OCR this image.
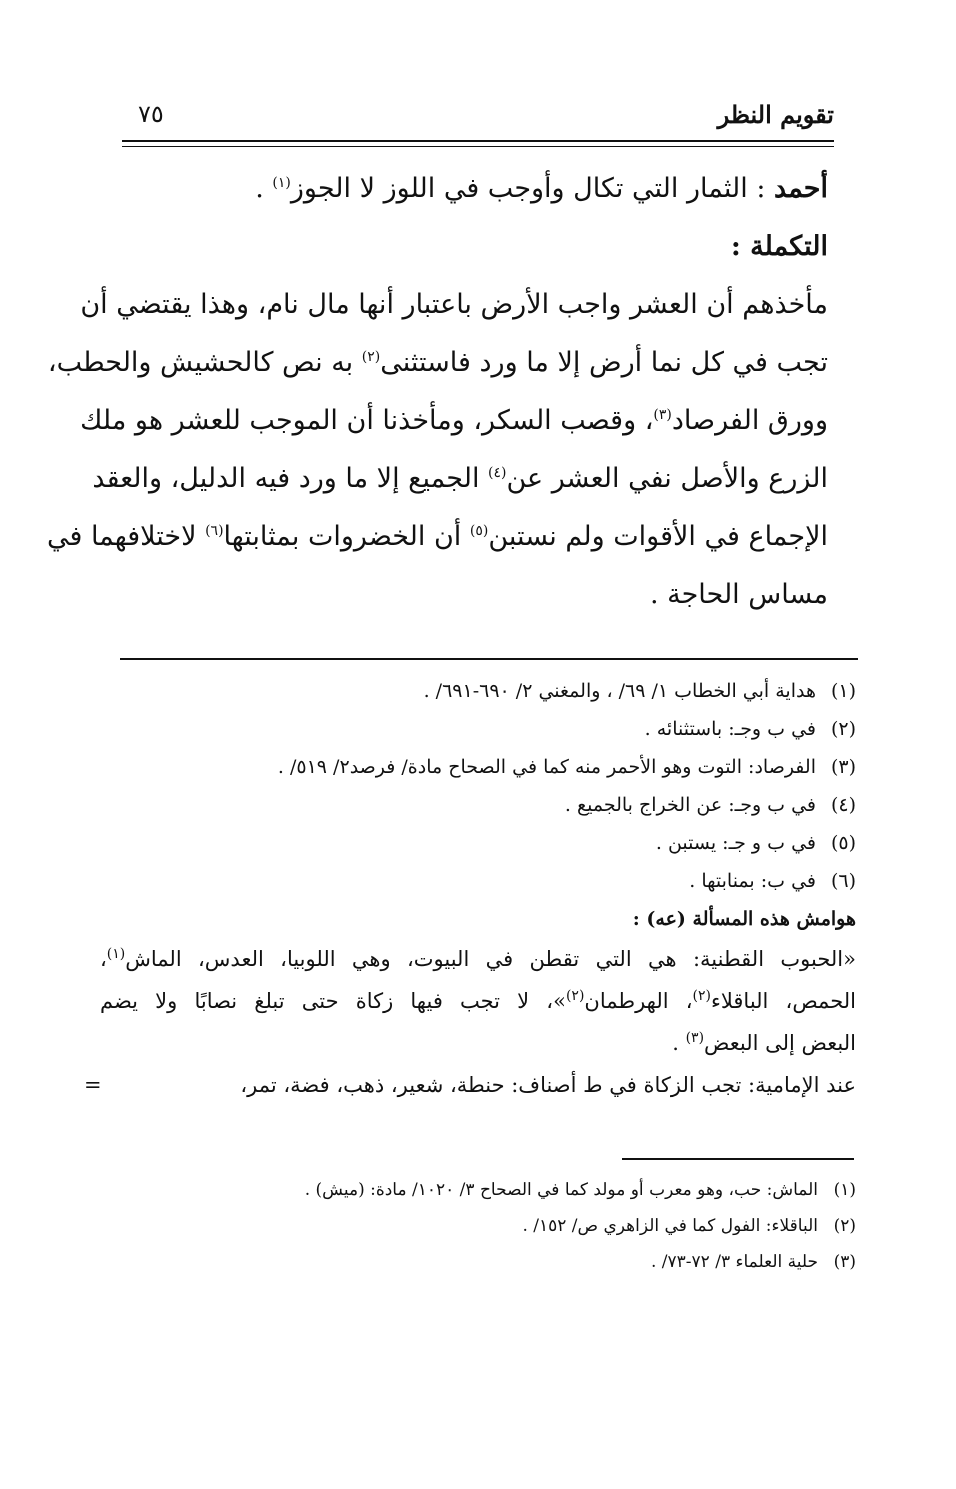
تقويم النظر
٧٥
أحمد : الثمار التي تكال وأوجب في اللوز لا الجوز$^{(١)}$ .
التكملة :
مأخذهم أن العشر واجب الأرض باعتبار أنها مال نام، وهذا يقتضي أن
تجب في كل نما أرض إلا ما ورد فاستثنى$^{(٢)}$ به نص كالحشيش والحطب،
وورق الفرصاد$^{(٣)}$، وقصب السكر، ومأخذنا أن الموجب للعشر هو ملك
الزرع والأصل نفي العشر عن$^{(٤)}$ الجميع إلا ما ورد فيه الدليل، والعقد
الإجماع في الأقوات ولم نستبن$^{(٥)}$ أن الخضروات بمثابتها$^{(٦)}$ لاختلافهما في
مساس الحاجة .
(١)هداية أبي الخطاب ١/ ٦٩/ ، والمغني ٢/ ٦٩٠-٦٩١/ .
(٢)في ب وجـ: باستثنائه .
(٣)الفرصاد: التوت وهو الأحمر منه كما في الصحاح مادة/ فرصد٢/ ٥١٩/ .
(٤)في ب وجـ: عن الخراج بالجميع .
(٥)في ب و جـ: يستبن .
(٦)في ب: بمنابتها .
هوامش هذه المسألة (عه) :
«الحبوب القطنية: هي التي تقطن في البيوت، وهي اللوبيا، العدس، الماش$^{(١)}$،
الحمص، الباقلاء$^{(٢)}$، الهرطمان$^{(٢)}$»، لا تجب فيها زكاة حتى تبلغ نصابًا ولا يضم
البعض إلى البعض$^{(٣)}$ .
عند الإمامية: تجب الزكاة في ط أصناف: حنطة، شعير، ذهب، فضة، تمر،
=
(١)الماش: حب، وهو معرب أو مولد كما في الصحاح ٣/ ١٠٢٠/ مادة: (ميش) .
(٢)الباقلاء: الفول كما في الزاهري ص/ ١٥٢/ .
(٣)حلية العلماء ٣/ ٧٢-٧٣/ .
